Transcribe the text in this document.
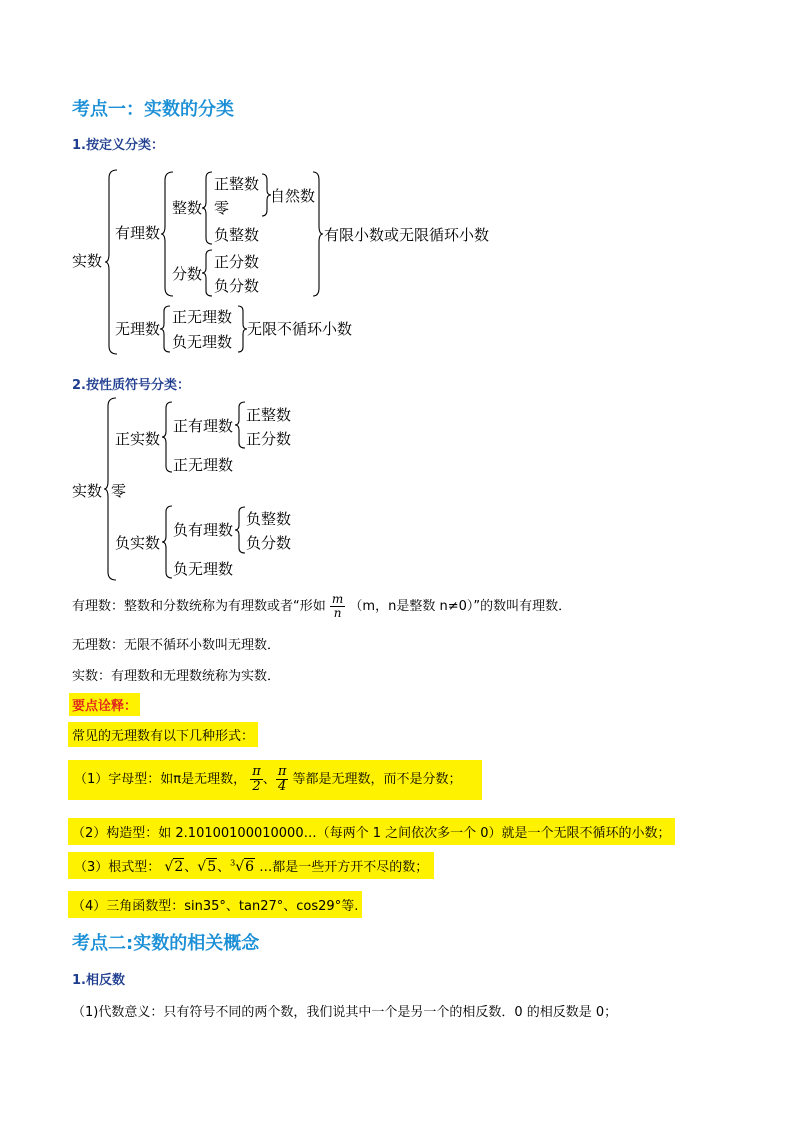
考点一：实数的分类
1.按定义分类：
实数
有理数
整数
正整数
零
自然数
负整数
分数
正分数
负分数
有限小数或无限循环小数
无理数
正无理数
负无理数
无限不循环小数
2.按性质符号分类：
实数 零
正实数
正有理数
正整数
正分数
正无理数
负实数
负有理数
负整数
负分数
负无理数
有理数：整数和分数统称为有理数或者“形如 $\frac{m}{n} (m$，n是整数 n≠0）”的数叫有理数．
无理数：无限不循环小数叫无理数．
实数：有理数和无理数统称为实数．
要点诠释：
常见的无理数有以下几种形式：
（1）字母型：如π是无理数， $\frac{\pi}{2}$ 、 $\frac{\pi}{4}$ 等都是无理数，而不是分数；
（2）构造型：如 2.10100100010000…（每两个 1 之间依次多一个 0）就是一个无限不循环的小数；
（3）根式型： √2、√5、$^3$√6 …都是一些开方开不尽的数；
（4）三角函数型：sin35°、tan27°、cos29°等.
考点二:实数的相关概念
1.相反数
（1)代数意义：只有符号不同的两个数，我们说其中一个是另一个的相反数．0 的相反数是 0；
